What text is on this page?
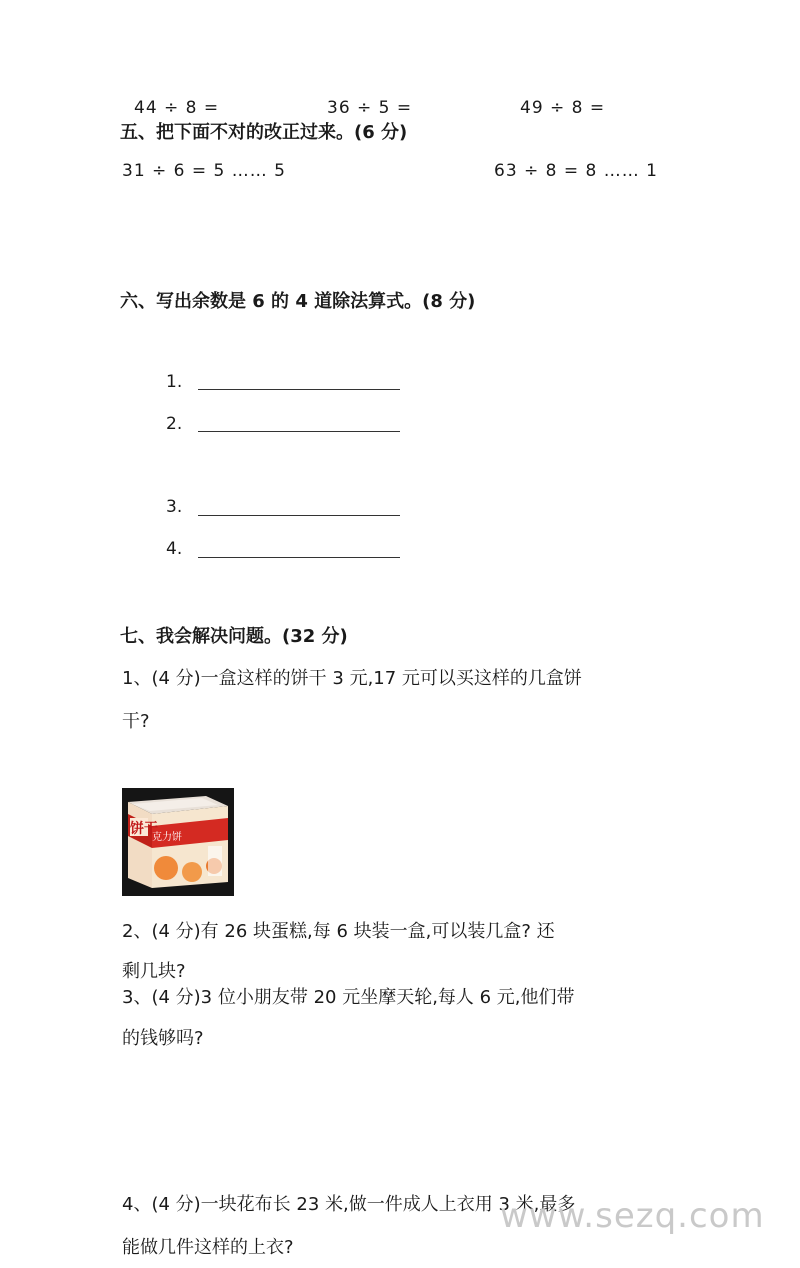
44 ÷ 8 =	36 ÷ 5 =	49 ÷ 8 =
五、把下面不对的改正过来。(6 分)
31 ÷ 6 = 5 …… 5	63 ÷ 8 = 8 …… 1
六、写出余数是 6 的 4 道除法算式。(8 分)
1.
2.
3.
4.
七、我会解决问题。(32 分)
1、(4 分)一盒这样的饼干 3 元,17 元可以买这样的几盒饼
干?
饼干
克力饼
2、(4 分)有 26 块蛋糕,每 6 块装一盒,可以装几盒? 还
剩几块?
3、(4 分)3 位小朋友带 20 元坐摩天轮,每人 6 元,他们带
的钱够吗?
4、(4 分)一块花布长 23 米,做一件成人上衣用 3 米,最多
能做几件这样的上衣?
www.sezq.com
